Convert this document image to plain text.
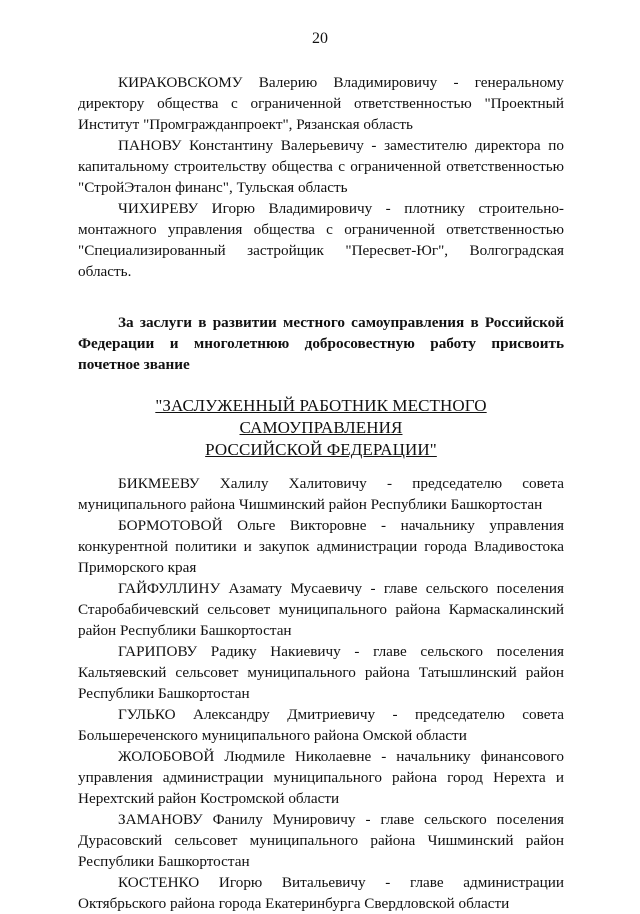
20

КИРАКОВСКОМУ Валерию Владимировичу - генеральному директору общества с ограниченной ответственностью "Проектный Институт "Промгражданпроект", Рязанская область

ПАНОВУ Константину Валерьевичу - заместителю директора по капитальному строительству общества с ограниченной ответственностью "СтройЭталон финанс", Тульская область

ЧИХИРЕВУ Игорю Владимировичу - плотнику строительно-монтажного управления общества с ограниченной ответственностью "Специализированный застройщик "Пересвет-Юг", Волгоградская область.

За заслуги в развитии местного самоуправления в Российской Федерации и многолетнюю добросовестную работу присвоить почетное звание

"ЗАСЛУЖЕННЫЙ РАБОТНИК МЕСТНОГО САМОУПРАВЛЕНИЯ
РОССИЙСКОЙ ФЕДЕРАЦИИ"

БИКМЕЕВУ Халилу Халитовичу - председателю совета муниципального района Чишминский район Республики Башкортостан

БОРМОТОВОЙ Ольге Викторовне - начальнику управления конкурентной политики и закупок администрации города Владивостока Приморского края

ГАЙФУЛЛИНУ Азамату Мусаевичу - главе сельского поселения Старобабичевский сельсовет муниципального района Кармаскалинский район Республики Башкортостан

ГАРИПОВУ Радику Накиевичу - главе сельского поселения Кальтяевский сельсовет муниципального района Татышлинский район Республики Башкортостан

ГУЛЬКО Александру Дмитриевичу - председателю совета Большереченского муниципального района Омской области

ЖОЛОБОВОЙ Людмиле Николаевне - начальнику финансового управления администрации муниципального района город Нерехта и Нерехтский район Костромской области

ЗАМАНОВУ Фанилу Мунировичу - главе сельского поселения Дурасовский сельсовет муниципального района Чишминский район Республики Башкортостан

КОСТЕНКО Игорю Витальевичу - главе администрации Октябрьского района города Екатеринбурга Свердловской области
